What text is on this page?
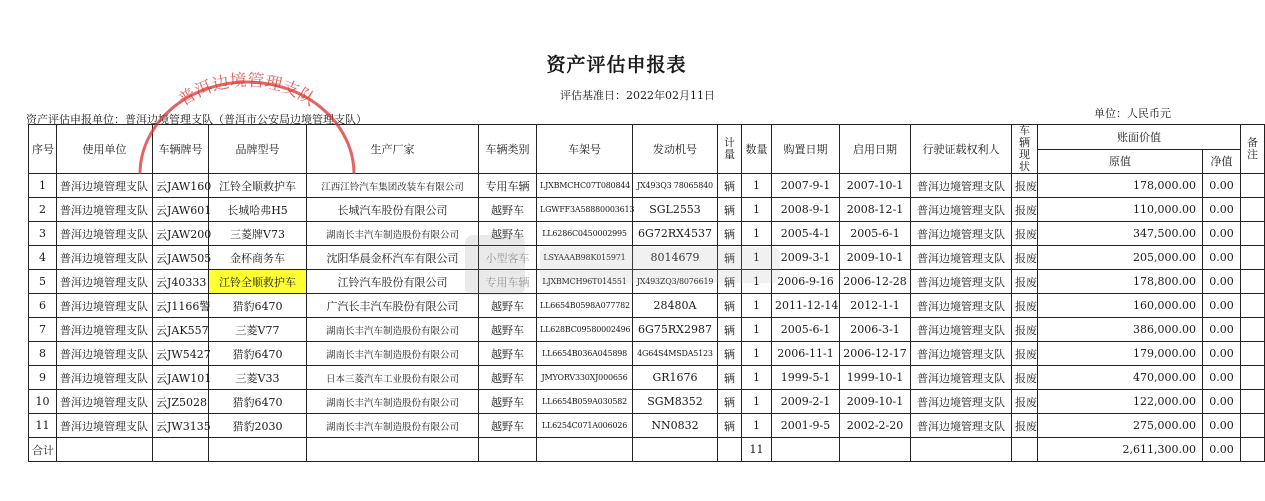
资产评估申报表
评估基准日：2022年02月11日
资产评估申报单位：普洱边境管理支队（普洱市公安局边境管理支队）	单位：人民币元
序号	使用单位	车辆牌号	品牌型号	生产厂家	车辆类别	车架号	发动机号	计量	数量	购置日期	启用日期	行驶证载权利人	车辆现状	账面价值		备注
														原值	净值	
1	普洱边境管理支队	云JAW160	江铃全顺救护车	江西江铃汽车集团改装车有限公司	专用车辆	LJXBMCHC07T080844	JX493Q3 78065840	辆	1	2007-9-1	2007-10-1	普洱边境管理支队	报废	178,000.00	0.00	
2	普洱边境管理支队	云JAW601	长城哈弗H5	长城汽车股份有限公司	越野车	LGWFF3A58880003613	SGL2553	辆	1	2008-9-1	2008-12-1	普洱边境管理支队	报废	110,000.00	0.00	
3	普洱边境管理支队	云JAW200	三菱牌V73	湖南长丰汽车制造股份有限公司	越野车	LL6286C0450002995	6G72RX4537	辆	1	2005-4-1	2005-6-1	普洱边境管理支队	报废	347,500.00	0.00	
4	普洱边境管理支队	云JAW505	金杯商务车	沈阳华晨金杯汽车有限公司	小型客车	LSYAAAB98K015971	8014679	辆	1	2009-3-1	2009-10-1	普洱边境管理支队	报废	205,000.00	0.00	
5	普洱边境管理支队	云J40333	江铃全顺救护车	江铃汽车股份有限公司	专用车辆	LJXBMCH96T014551	JX493ZQ3/8076619	辆	1	2006-9-16	2006-12-28	普洱边境管理支队	报废	178,800.00	0.00	
6	普洱边境管理支队	云J1166警	猎豹6470	广汽长丰汽车股份有限公司	越野车	LL6654B0598A077782	28480A	辆	1	2011-12-14	2012-1-1	普洱边境管理支队	报废	160,000.00	0.00	
7	普洱边境管理支队	云JAK557	三菱V77	湖南长丰汽车制造股份有限公司	越野车	LL628BC09580002496	6G75RX2987	辆	1	2005-6-1	2006-3-1	普洱边境管理支队	报废	386,000.00	0.00	
8	普洱边境管理支队	云JW5427	猎豹6470	湖南长丰汽车制造股份有限公司	越野车	LL6654B036A045898	4G64S4MSDA5123	辆	1	2006-11-1	2006-12-17	普洱边境管理支队	报废	179,000.00	0.00	
9	普洱边境管理支队	云JAW101	三菱V33	日本三菱汽车工业股份有限公司	越野车	JMYORV330XJ000656	GR1676	辆	1	1999-5-1	1999-10-1	普洱边境管理支队	报废	470,000.00	0.00	
10	普洱边境管理支队	云JZ5028	猎豹6470	湖南长丰汽车制造股份有限公司	越野车	LL6654B059A030582	SGM8352	辆	1	2009-2-1	2009-10-1	普洱边境管理支队	报废	122,000.00	0.00	
11	普洱边境管理支队	云JW3135	猎豹2030	湖南长丰汽车制造股份有限公司	越野车	LL6254C071A006026	NN0832	辆	1	2001-9-5	2002-2-20	普洱边境管理支队	报废	275,000.00	0.00	
合计									11					2,611,300.00	0.00	
普洱边境管理支队
